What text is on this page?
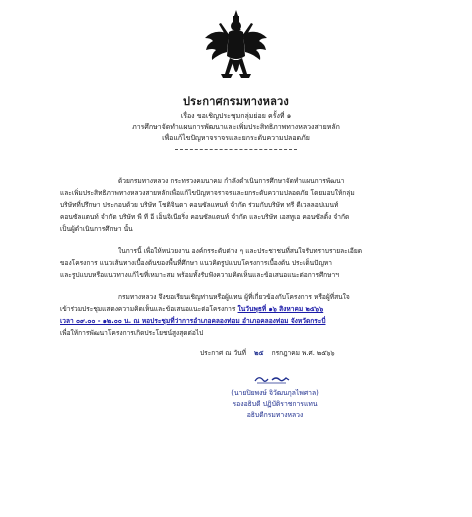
ประกาศกรมทางหลวง
เรื่อง ขอเชิญประชุมกลุ่มย่อย ครั้งที่ ๑
ภารศึกษาจัดทำแผนการพัฒนาและเพิ่มประสิทธิภาพทางหลวงสายหลัก
เพื่อแก้ไขปัญหาจราจรและยกระดับความปลอดภัย
ด้วยกรมทางหลวง กระทรวงคมนาคม กำลังดำเนินการศึกษาจัดทำแผนการพัฒนา
และเพิ่มประสิทธิภาพทางหลวงสายหลักเพื่อแก้ไขปัญหาจราจรและยกระดับความปลอดภัย โดยมอบให้กลุ่ม
บริษัทที่ปรึกษา ประกอบด้วย บริษัท โชติจินดา คอนซัลแทนท์ จำกัด ร่วมกับบริษัท ทรี ดีเวลลอปเมนท์
คอนซัลแตนท์ จำกัด บริษัท พี ที อี เอ็นจิเนียริ่ง คอนซัลแตนท์ จำกัด และบริษัท เอสทูเอ คอนซัลติ้ง จำกัด
เป็นผู้ดำเนินการศึกษา นั้น
ในการนี้ เพื่อให้หน่วยงาน องค์กรระดับต่าง ๆ และประชาชนที่สนใจรับทราบรายละเอียด
ของโครงการ แนวเส้นทางเบื้องต้นของพื้นที่ศึกษา แนวคิดรูปแบบโครงการเบื้องต้น ประเด็นปัญหา
และรูปแบบหรือแนวทางแก้ไขที่เหมาะสม พร้อมทั้งรับฟังความคิดเห็นและข้อเสนอแนะต่อการศึกษาฯ
กรมทางหลวง จึงขอเรียนเชิญท่านหรือผู้แทน ผู้ที่เกี่ยวข้องกับโครงการ หรือผู้ที่สนใจ
เข้าร่วมประชุมแสดงความคิดเห็นและข้อเสนอแนะต่อโครงการ ในวันพุธที่ ๑๖ สิงหาคม ๒๕๖๖
เวลา ๐๙.๐๐ - ๑๒.๐๐ น. ณ หอประชุมที่ว่าการอำเภอคลองท่อม อำเภอคลองท่อม จังหวัดกระบี่
เพื่อให้การพัฒนาโครงการเกิดประโยชน์สูงสุดต่อไป
ประกาศ ณ วันที่ ๒๕ กรกฎาคม พ.ศ. ๒๕๖๖
(นายปิยพงษ์ จิวัฒนกุลไพศาล)
รองอธิบดี ปฏิบัติราชการแทน
อธิบดีกรมทางหลวง
